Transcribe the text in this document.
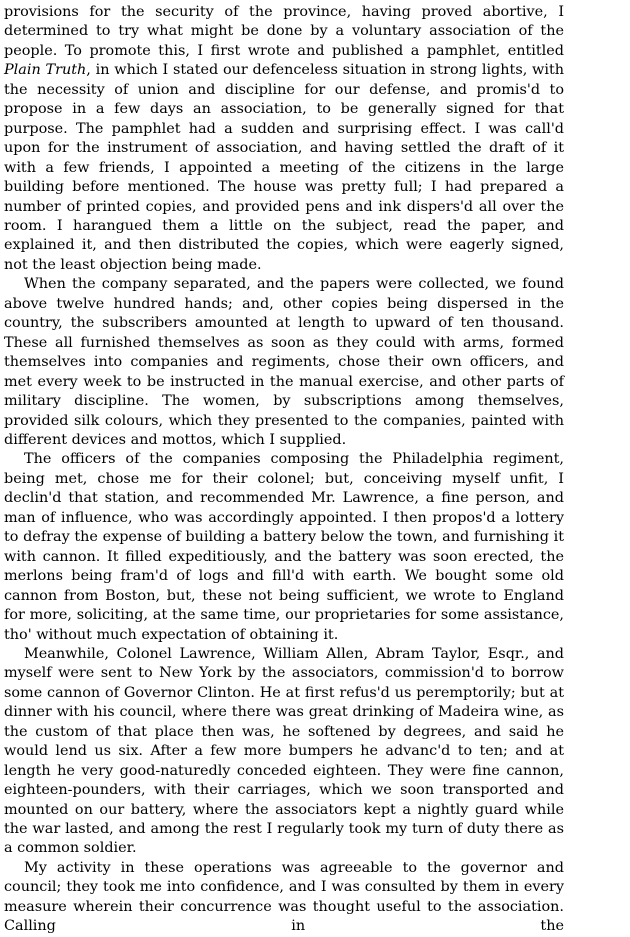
provisions for the security of the province, having proved abortive, I determined to try what might be done by a voluntary association of the people. To promote this, I first wrote and published a pamphlet, entitled Plain Truth, in which I stated our defenceless situation in strong lights, with the necessity of union and discipline for our defense, and promis'd to propose in a few days an association, to be generally signed for that purpose. The pamphlet had a sudden and surprising effect. I was call'd upon for the instrument of association, and having settled the draft of it with a few friends, I appointed a meeting of the citizens in the large building before mentioned. The house was pretty full; I had prepared a number of printed copies, and provided pens and ink dispers'd all over the room. I harangued them a little on the subject, read the paper, and explained it, and then distributed the copies, which were eagerly signed, not the least objection being made.

When the company separated, and the papers were collected, we found above twelve hundred hands; and, other copies being dispersed in the country, the subscribers amounted at length to upward of ten thousand. These all furnished themselves as soon as they could with arms, formed themselves into companies and regiments, chose their own officers, and met every week to be instructed in the manual exercise, and other parts of military discipline. The women, by subscriptions among themselves, provided silk colours, which they presented to the companies, painted with different devices and mottos, which I supplied.

The officers of the companies composing the Philadelphia regiment, being met, chose me for their colonel; but, conceiving myself unfit, I declin'd that station, and recommended Mr. Lawrence, a fine person, and man of influence, who was accordingly appointed. I then propos'd a lottery to defray the expense of building a battery below the town, and furnishing it with cannon. It filled expeditiously, and the battery was soon erected, the merlons being fram'd of logs and fill'd with earth. We bought some old cannon from Boston, but, these not being sufficient, we wrote to England for more, soliciting, at the same time, our proprietaries for some assistance, tho' without much expectation of obtaining it.

Meanwhile, Colonel Lawrence, William Allen, Abram Taylor, Esqr., and myself were sent to New York by the associators, commission'd to borrow some cannon of Governor Clinton. He at first refus'd us peremptorily; but at dinner with his council, where there was great drinking of Madeira wine, as the custom of that place then was, he softened by degrees, and said he would lend us six. After a few more bumpers he advanc'd to ten; and at length he very good-naturedly conceded eighteen. They were fine cannon, eighteen-pounders, with their carriages, which we soon transported and mounted on our battery, where the associators kept a nightly guard while the war lasted, and among the rest I regularly took my turn of duty there as a common soldier.

My activity in these operations was agreeable to the governor and council; they took me into confidence, and I was consulted by them in every measure wherein their concurrence was thought useful to the association. Calling in the
